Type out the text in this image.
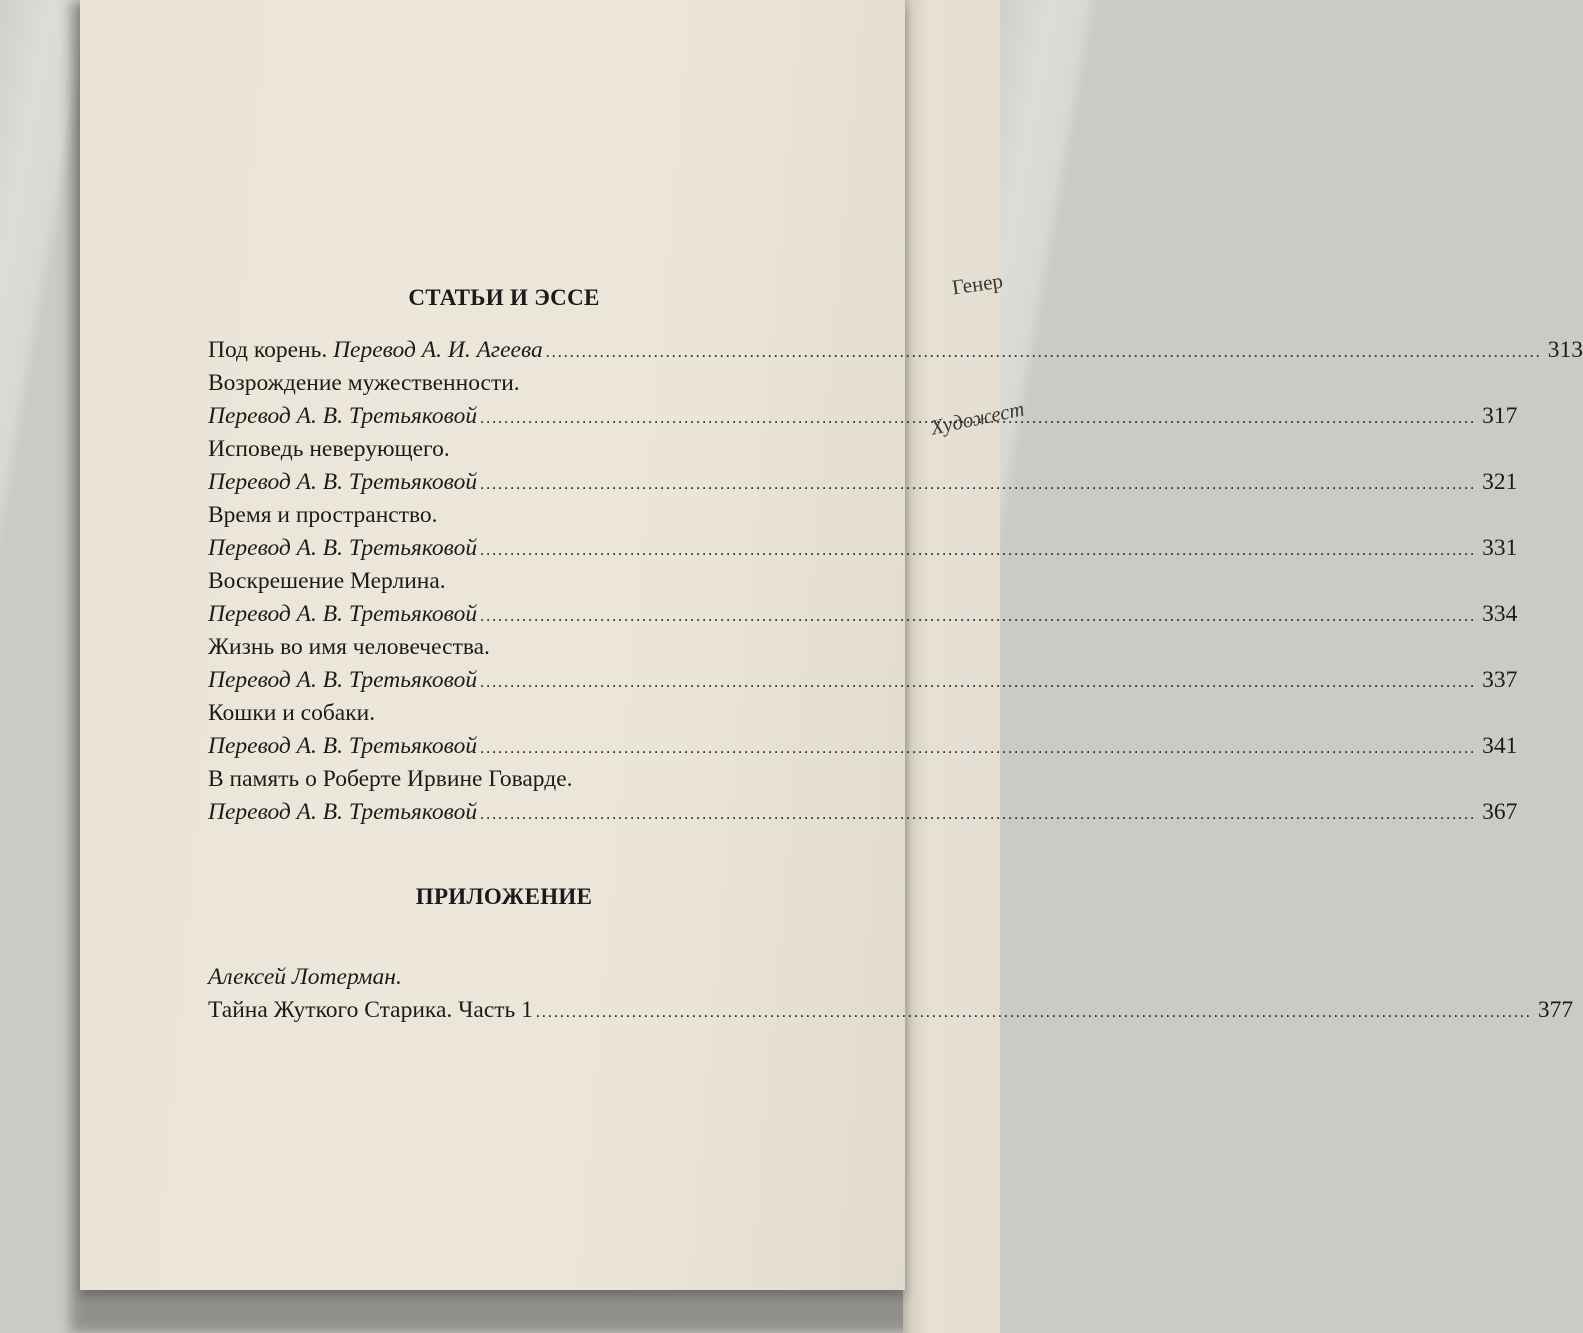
Генер
Художест
СТАТЬИ И ЭССЕ
Под корень.
Перевод А. И. Агеева .....	313
Возрождение мужественности.
Перевод А. В. Третьяковой .....	317
Исповедь неверующего.
Перевод А. В. Третьяковой .....	321
Время и пространство.
Перевод А. В. Третьяковой .....	331
Воскрешение Мерлина.
Перевод А. В. Третьяковой .....	334
Жизнь во имя человечества.
Перевод А. В. Третьяковой .....	337
Кошки и собаки.
Перевод А. В. Третьяковой .....	341
В память о Роберте Ирвине Говарде.
Перевод А. В. Третьяковой .....	367
ПРИЛОЖЕНИЕ
Алексей Лотерман.
Тайна Жуткого Старика. Часть 1 .....	377
